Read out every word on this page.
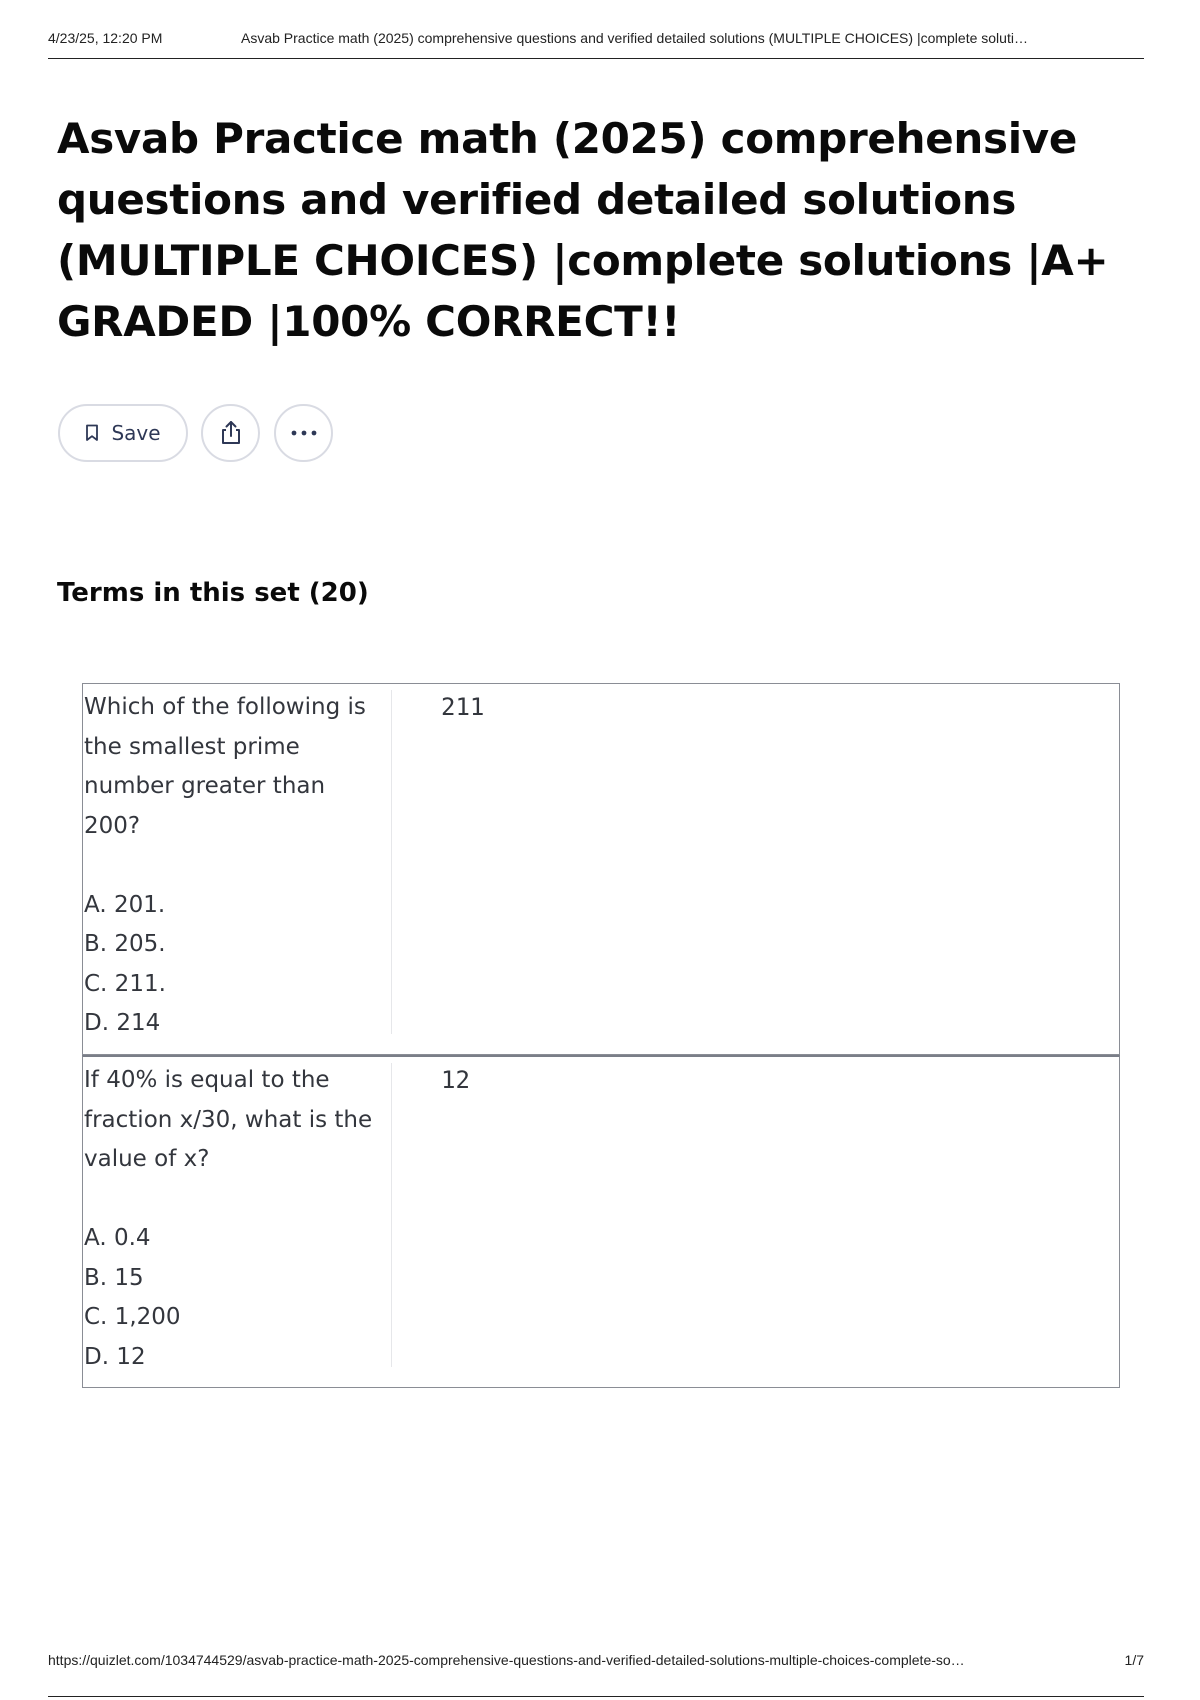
4/23/25, 12:20 PM	Asvab Practice math (2025) comprehensive questions and verified detailed solutions (MULTIPLE CHOICES) |complete soluti…
Asvab Practice math (2025) comprehensive questions and verified detailed solutions (MULTIPLE CHOICES) |complete solutions |A+ GRADED |100% CORRECT!!
Save
Terms in this set (20)
Which of the following is the smallest prime number greater than 200?
A. 201.
B. 205.
C. 211.
D. 214
211
If 40% is equal to the fraction x/30, what is the value of x?
A. 0.4
B. 15
C. 1,200
D. 12
12
https://quizlet.com/1034744529/asvab-practice-math-2025-comprehensive-questions-and-verified-detailed-solutions-multiple-choices-complete-so…	1/7
